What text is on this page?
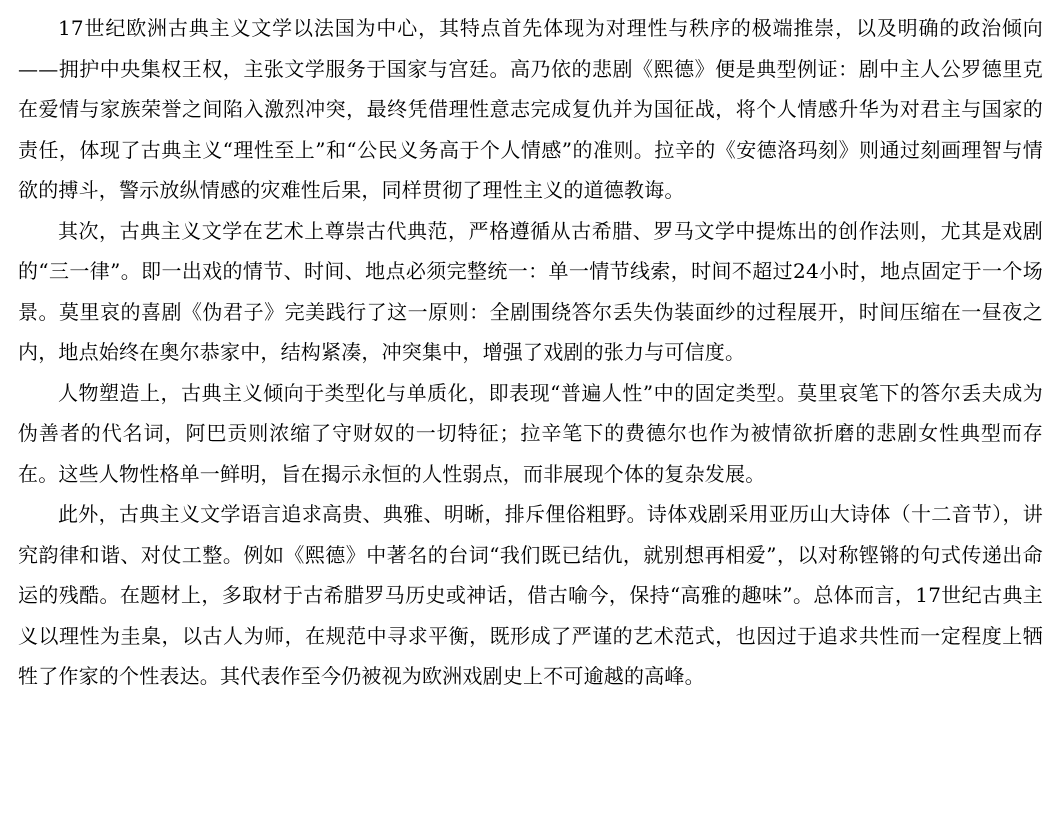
17世纪欧洲古典主义文学以法国为中心，其特点首先体现为对理性与秩序的极端推崇，以及明确的政治倾向——拥护中央集权王权，主张文学服务于国家与宫廷。高乃依的悲剧《熙德》便是典型例证：剧中主人公罗德里克在爱情与家族荣誉之间陷入激烈冲突，最终凭借理性意志完成复仇并为国征战，将个人情感升华为对君主与国家的责任，体现了古典主义“理性至上”和“公民义务高于个人情感”的准则。拉辛的《安德洛玛刻》则通过刻画理智与情欲的搏斗，警示放纵情感的灾难性后果，同样贯彻了理性主义的道德教诲。

其次，古典主义文学在艺术上尊崇古代典范，严格遵循从古希腊、罗马文学中提炼出的创作法则，尤其是戏剧的“三一律”。即一出戏的情节、时间、地点必须完整统一：单一情节线索，时间不超过24小时，地点固定于一个场景。莫里哀的喜剧《伪君子》完美践行了这一原则：全剧围绕答尔丢失伪装面纱的过程展开，时间压缩在一昼夜之内，地点始终在奥尔恭家中，结构紧凑，冲突集中，增强了戏剧的张力与可信度。

人物塑造上，古典主义倾向于类型化与单质化，即表现“普遍人性”中的固定类型。莫里哀笔下的答尔丢夫成为伪善者的代名词，阿巴贡则浓缩了守财奴的一切特征；拉辛笔下的费德尔也作为被情欲折磨的悲剧女性典型而存在。这些人物性格单一鲜明，旨在揭示永恒的人性弱点，而非展现个体的复杂发展。

此外，古典主义文学语言追求高贵、典雅、明晰，排斥俚俗粗野。诗体戏剧采用亚历山大诗体（十二音节），讲究韵律和谐、对仗工整。例如《熙德》中著名的台词“我们既已结仇，就别想再相爱”，以对称铿锵的句式传递出命运的残酷。在题材上，多取材于古希腊罗马历史或神话，借古喻今，保持“高雅的趣味”。总体而言，17世纪古典主义以理性为圭臬，以古人为师，在规范中寻求平衡，既形成了严谨的艺术范式，也因过于追求共性而一定程度上牺牲了作家的个性表达。其代表作至今仍被视为欧洲戏剧史上不可逾越的高峰。
